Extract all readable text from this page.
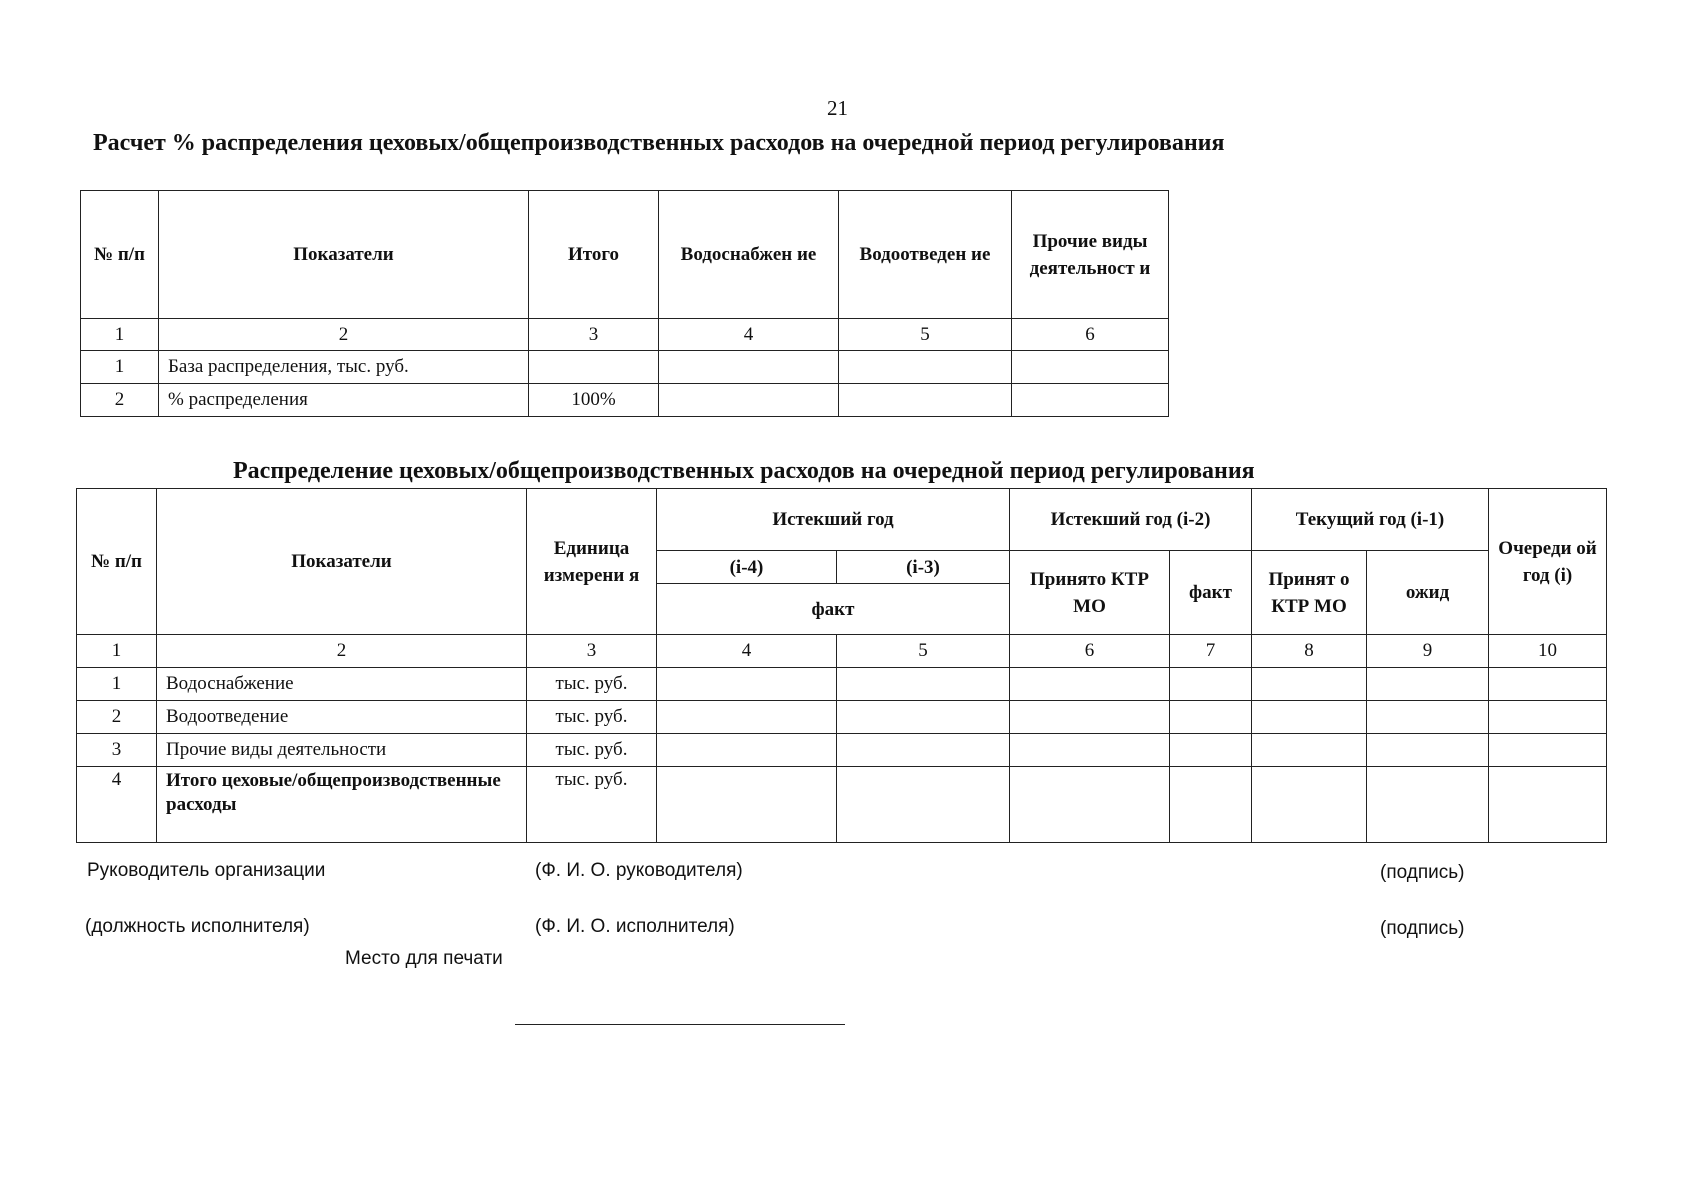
21
Расчет % распределения цеховых/общепроизводственных расходов на очередной период регулирования
№ п/п	Показатели	Итого	Водоснабжен ие	Водоотведен ие	Прочие виды деятельност и
1	2	3	4	5	6
1	База распределения, тыс. руб.				
2	% распределения	100%			
Распределение цеховых/общепроизводственных расходов на очередной период регулирования
№ п/п	Показатели	Единица измерени я	Истекший год		Истекший год (i-2)		Текущий год (i-1)		Очереди ой год (i)
			(i-4)	(i-3)	Принято КТР МО	факт	Принят о КТР МО	ожид	
			факт						
1	2	3	4	5	6	7	8	9	10
1	Водоснабжение	тыс. руб.							
2	Водоотведение	тыс. руб.							
3	Прочие виды деятельности	тыс. руб.							
4	Итого цеховые/общепроизводственные расходы	тыс. руб.							
Руководитель организации	(Ф. И. О. руководителя)	(подпись)
(должность исполнителя)	(Ф. И. О. исполнителя)	(подпись)
Место для печати
